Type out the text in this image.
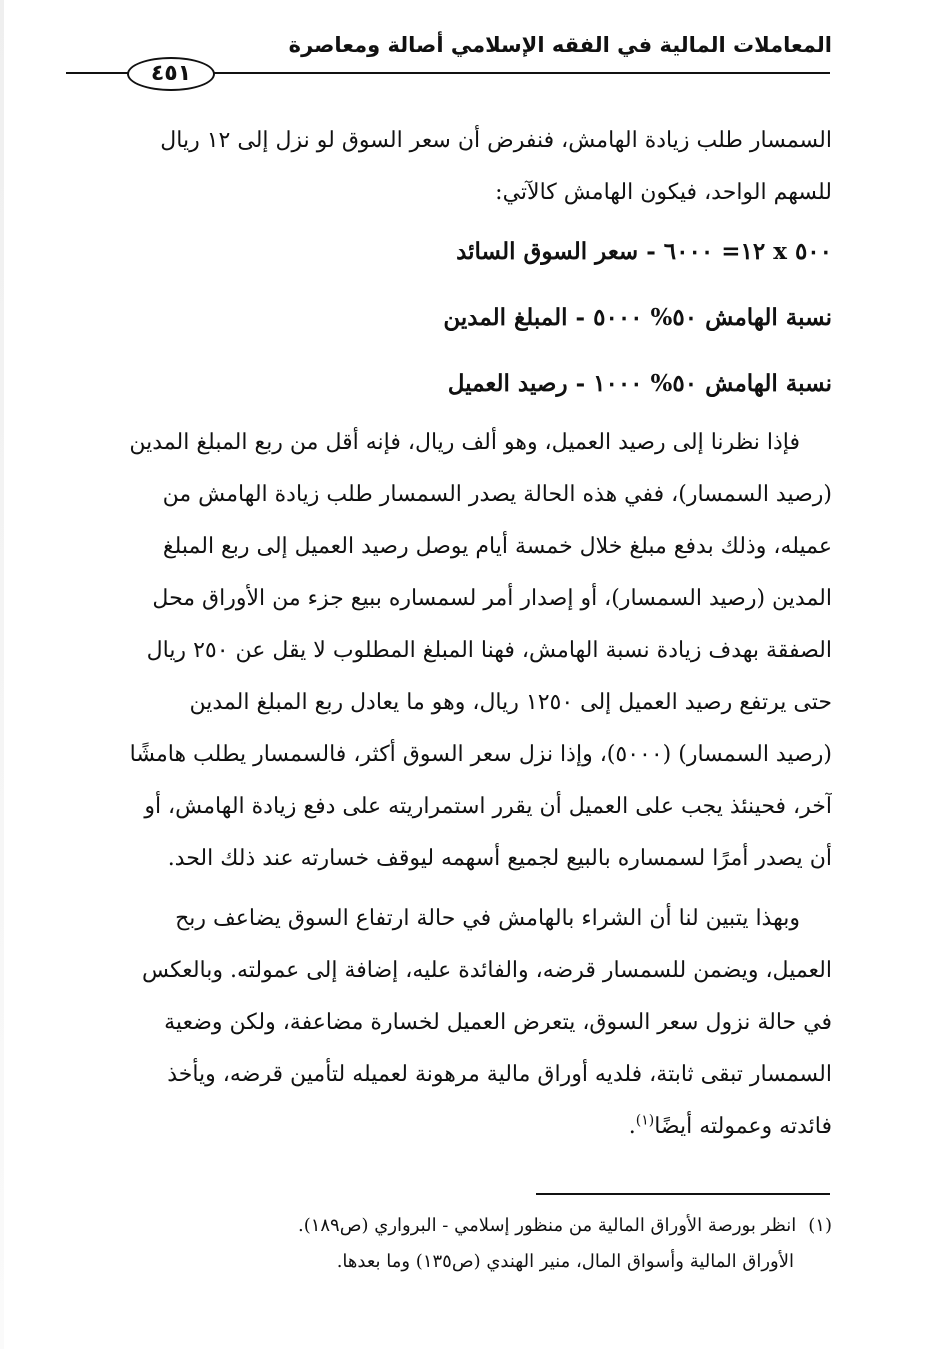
المعاملات المالية في الفقه الإسلامي أصالة ومعاصرة
٤٥١
السمسار طلب زيادة الهامش، فنفرض أن سعر السوق لو نزل إلى ١٢ ريال
للسهم الواحد، فيكون الهامش كالآتي:
٥٠٠ x ١٢= ٦٠٠٠ - سعر السوق السائد
نسبة الهامش ٥٠% ٥٠٠٠ - المبلغ المدين
نسبة الهامش ٥٠% ١٠٠٠ - رصيد العميل
فإذا نظرنا إلى رصيد العميل، وهو ألف ريال، فإنه أقل من ربع المبلغ المدين
(رصيد السمسار)، ففي هذه الحالة يصدر السمسار طلب زيادة الهامش من
عميله، وذلك بدفع مبلغ خلال خمسة أيام يوصل رصيد العميل إلى ربع المبلغ
المدين (رصيد السمسار)، أو إصدار أمر لسمساره ببيع جزء من الأوراق محل
الصفقة بهدف زيادة نسبة الهامش، فهنا المبلغ المطلوب لا يقل عن ٢٥٠ ريال
حتى يرتفع رصيد العميل إلى ١٢٥٠ ريال، وهو ما يعادل ربع المبلغ المدين
(رصيد السمسار) (٥٠٠٠)، وإذا نزل سعر السوق أكثر، فالسمسار يطلب هامشًا
آخر، فحينئذ يجب على العميل أن يقرر استمراريته على دفع زيادة الهامش، أو
أن يصدر أمرًا لسمساره بالبيع لجميع أسهمه ليوقف خسارته عند ذلك الحد.
وبهذا يتبين لنا أن الشراء بالهامش في حالة ارتفاع السوق يضاعف ربح
العميل، ويضمن للسمسار قرضه، والفائدة عليه، إضافة إلى عمولته. وبالعكس
في حالة نزول سعر السوق، يتعرض العميل لخسارة مضاعفة، ولكن وضعية
السمسار تبقى ثابتة، فلديه أوراق مالية مرهونة لعميله لتأمين قرضه، ويأخذ
فائدته وعمولته أيضًا$^{(١)}$.
(١)انظر بورصة الأوراق المالية من منظور إسلامي - البرواري (ص١٨٩).
الأوراق المالية وأسواق المال، منير الهندي (ص١٣٥) وما بعدها.
